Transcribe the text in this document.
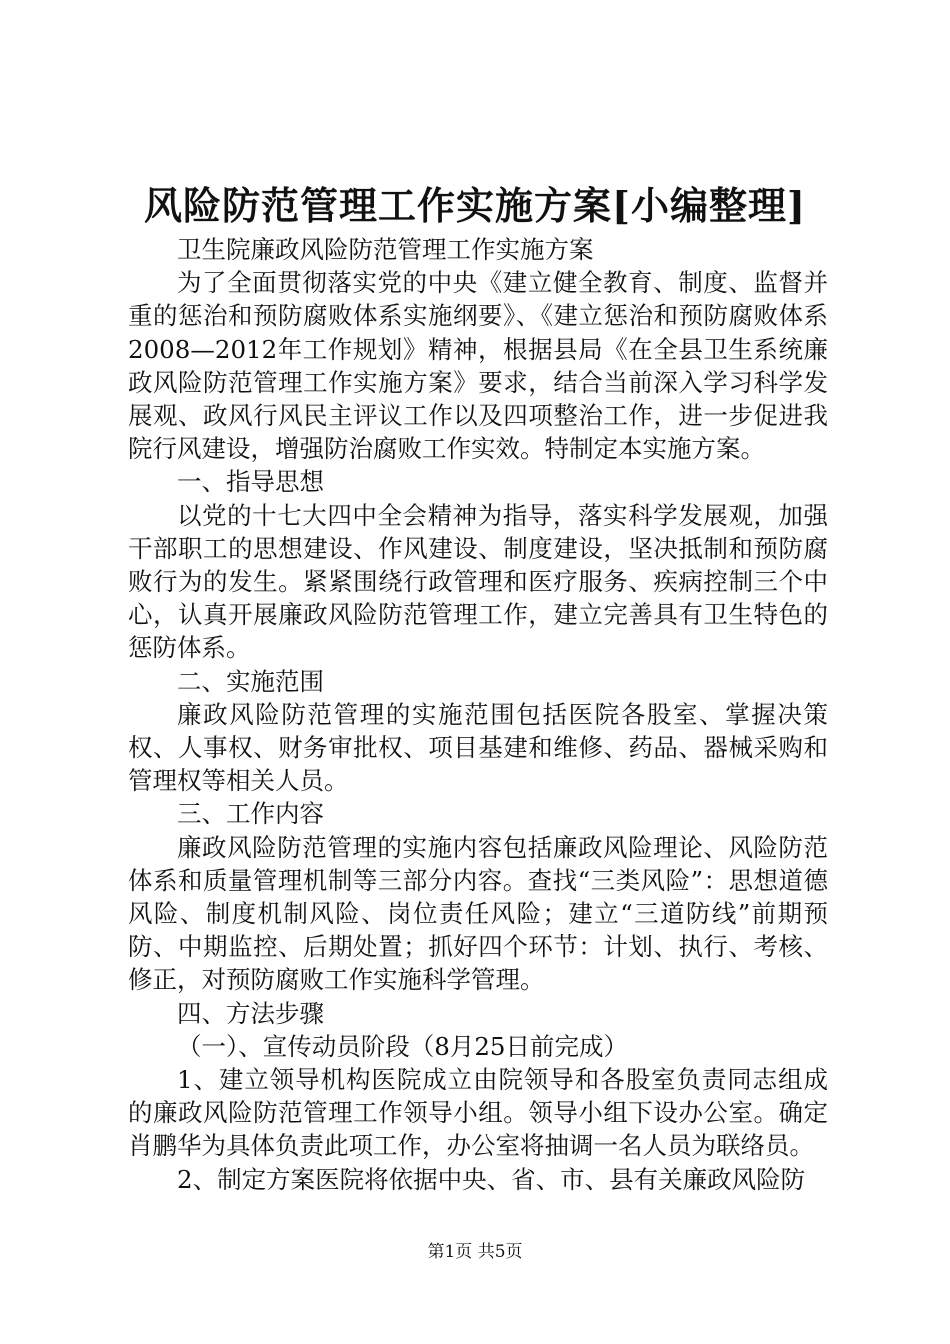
风险防范管理工作实施方案[小编整理]

卫生院廉政风险防范管理工作实施方案

为了全面贯彻落实党的中央《建立健全教育、制度、监督并重的惩治和预防腐败体系实施纲要》、《建立惩治和预防腐败体系2008—2012年工作规划》精神，根据县局《在全县卫生系统廉政风险防范管理工作实施方案》要求，结合当前深入学习科学发展观、政风行风民主评议工作以及四项整治工作，进一步促进我院行风建设，增强防治腐败工作实效。特制定本实施方案。

一、指导思想

以党的十七大四中全会精神为指导，落实科学发展观，加强干部职工的思想建设、作风建设、制度建设，坚决抵制和预防腐败行为的发生。紧紧围绕行政管理和医疗服务、疾病控制三个中心，认真开展廉政风险防范管理工作，建立完善具有卫生特色的惩防体系。

二、实施范围

廉政风险防范管理的实施范围包括医院各股室、掌握决策权、人事权、财务审批权、项目基建和维修、药品、器械采购和管理权等相关人员。

三、工作内容

廉政风险防范管理的实施内容包括廉政风险理论、风险防范体系和质量管理机制等三部分内容。查找“三类风险”：思想道德风险、制度机制风险、岗位责任风险；建立“三道防线”前期预防、中期监控、后期处置；抓好四个环节：计划、执行、考核、修正，对预防腐败工作实施科学管理。

四、方法步骤

（一）、宣传动员阶段（8月25日前完成）

1、建立领导机构医院成立由院领导和各股室负责同志组成的廉政风险防范管理工作领导小组。领导小组下设办公室。确定肖鹏华为具体负责此项工作，办公室将抽调一名人员为联络员。

2、制定方案医院将依据中央、省、市、县有关廉政风险防

第1页 共5页
